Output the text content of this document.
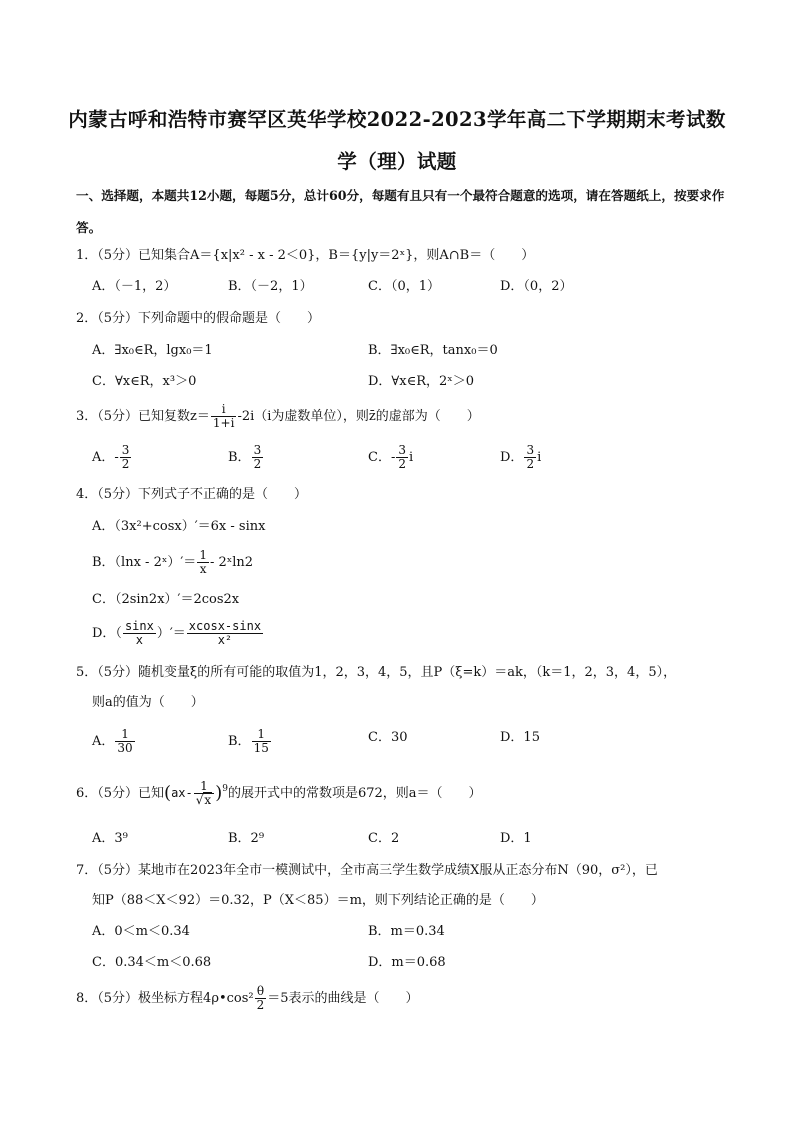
内蒙古呼和浩特市赛罕区英华学校2022-2023学年高二下学期期末考试数
学（理）试题
一、选择题，本题共12小题，每题5分，总计60分，每题有且只有一个最符合题意的选项，请在答题纸上，按要求作答。
1．（5分）已知集合A＝{x|x² - x - 2＜0}，B＝{y|y＝2ˣ}，则A∩B＝（　　）
A．（－1，2）	B．（－2，1）	C．（0，1）	D．（0，2）
2．（5分）下列命题中的假命题是（　　）
A．∃x₀∈R，lgx₀＝1	B．∃x₀∈R，tanx₀＝0
C．∀x∈R，x³＞0	D．∀x∈R，2ˣ＞0
3．（5分）已知复数$z= \frac{i}{1+i} -2i(i$为虚数单位），则z̄的虚部为（　　）
A．- $\frac{3}{2}$	B． $\frac{3}{2}$	C．- $\frac{3}{2}$ i	D． $\frac{3}{2}$ i
4．（5分）下列式子不正确的是（　　）
A．（3x²+cosx）′＝6x - sinx
B．（lnx - 2ˣ）′＝ $\frac{1}{x}$ - 2ˣln2
C．（2sin2x）′＝2cos2x
D．（ $\frac{\sin x}{x}$ ）′＝ $\frac{xcosx-\sin x}{\text{x²}}$
5．（5分）随机变量ξ的所有可能的取值为1，2，3，4，5，且P（ξ=k）＝ak，（k＝1，2，3，4，5），
则a的值为（　　）
A． $\frac{1}{30}$	B． $\frac{1}{15}$	C．30	D．15
6．（5分）已知$(ax- \frac{1}{√x} )^9$的展开式中的常数项是672，则a＝（　　）
A．3⁹	B．2⁹	C．2	D．1
7．（5分）某地市在2023年全市一模测试中，全市高三学生数学成绩X服从正态分布N（90，σ²），已
知P（88＜X＜92）＝0.32，P（X＜85）＝m，则下列结论正确的是（　　）
A．0＜m＜0.34	B．m＝0.34
C．0.34＜m＜0.68	D．m＝0.68
8．（5分）极坐标方程4ρ•cos² $\frac{\theta}{2} =5$表示的曲线是（　　）
